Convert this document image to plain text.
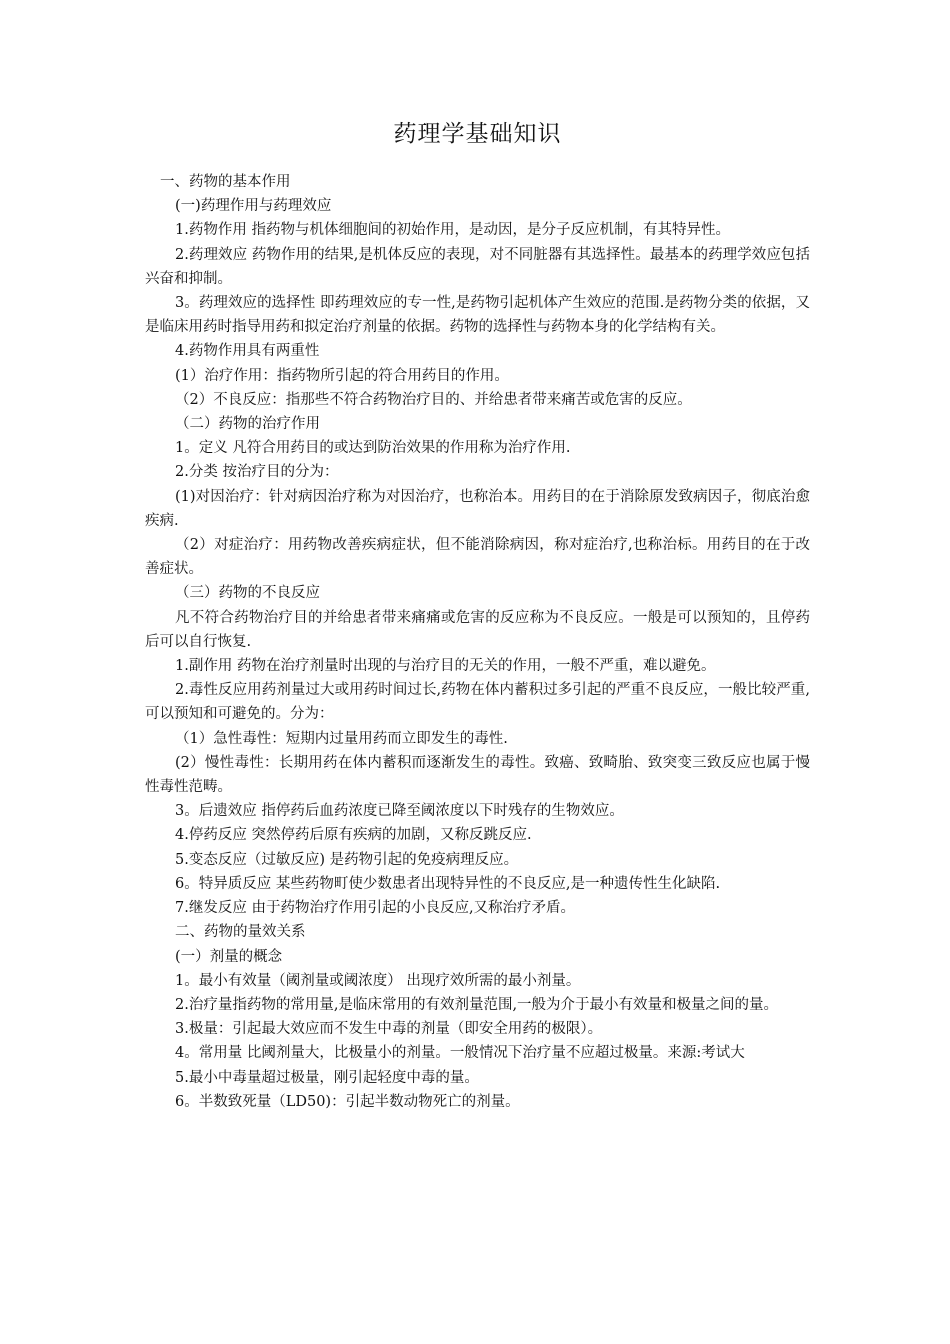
药理学基础知识

一、药物的基本作用

(一)药理作用与药理效应

1.药物作用 指药物与机体细胞间的初始作用，是动因，是分子反应机制，有其特异性。

2.药理效应 药物作用的结果,是机体反应的表现，对不同脏器有其选择性。最基本的药理学效应包括兴奋和抑制。

3。药理效应的选择性 即药理效应的专一性,是药物引起机体产生效应的范围.是药物分类的依据，又是临床用药时指导用药和拟定治疗剂量的依据。药物的选择性与药物本身的化学结构有关。

4.药物作用具有两重性

(1）治疗作用：指药物所引起的符合用药目的作用。

（2）不良反应：指那些不符合药物治疗目的、并给患者带来痛苦或危害的反应。

（二）药物的治疗作用

1。定义 凡符合用药目的或达到防治效果的作用称为治疗作用.

2.分类 按治疗目的分为：

(1)对因治疗：针对病因治疗称为对因治疗，也称治本。用药目的在于消除原发致病因子，彻底治愈疾病.

（2）对症治疗：用药物改善疾病症状，但不能消除病因，称对症治疗,也称治标。用药目的在于改善症状。

（三）药物的不良反应

凡不符合药物治疗目的并给患者带来痛痛或危害的反应称为不良反应。一般是可以预知的，且停药后可以自行恢复.

1.副作用 药物在治疗剂量时出现的与治疗目的无关的作用，一般不严重，难以避免。

2.毒性反应用药剂量过大或用药时间过长,药物在体内蓄积过多引起的严重不良反应，一般比较严重,可以预知和可避免的。分为：

（1）急性毒性：短期内过量用药而立即发生的毒性.

(2）慢性毒性：长期用药在体内蓄积而逐渐发生的毒性。致癌、致畸胎、致突变三致反应也属于慢性毒性范畴。

3。后遗效应 指停药后血药浓度已降至阈浓度以下时残存的生物效应。

4.停药反应 突然停药后原有疾病的加剧，又称反跳反应.

5.变态反应（过敏反应) 是药物引起的免疫病理反应。

6。特异质反应 某些药物町使少数患者出现特异性的不良反应,是一种遗传性生化缺陷.

7.继发反应 由于药物治疗作用引起的小良反应,又称治疗矛盾。

二、药物的量效关系

(一）剂量的概念

1。最小有效量（阈剂量或阈浓度） 出现疗效所需的最小剂量。

2.治疗量指药物的常用量,是临床常用的有效剂量范围,一般为介于最小有效量和极量之间的量。

3.极量：引起最大效应而不发生中毒的剂量（即安全用药的极限）。

4。常用量 比阈剂量大，比极量小的剂量。一般情况下治疗量不应超过极量。来源:考试大

5.最小中毒量超过极量，刚引起轻度中毒的量。

6。半数致死量（LD50)：引起半数动物死亡的剂量。
